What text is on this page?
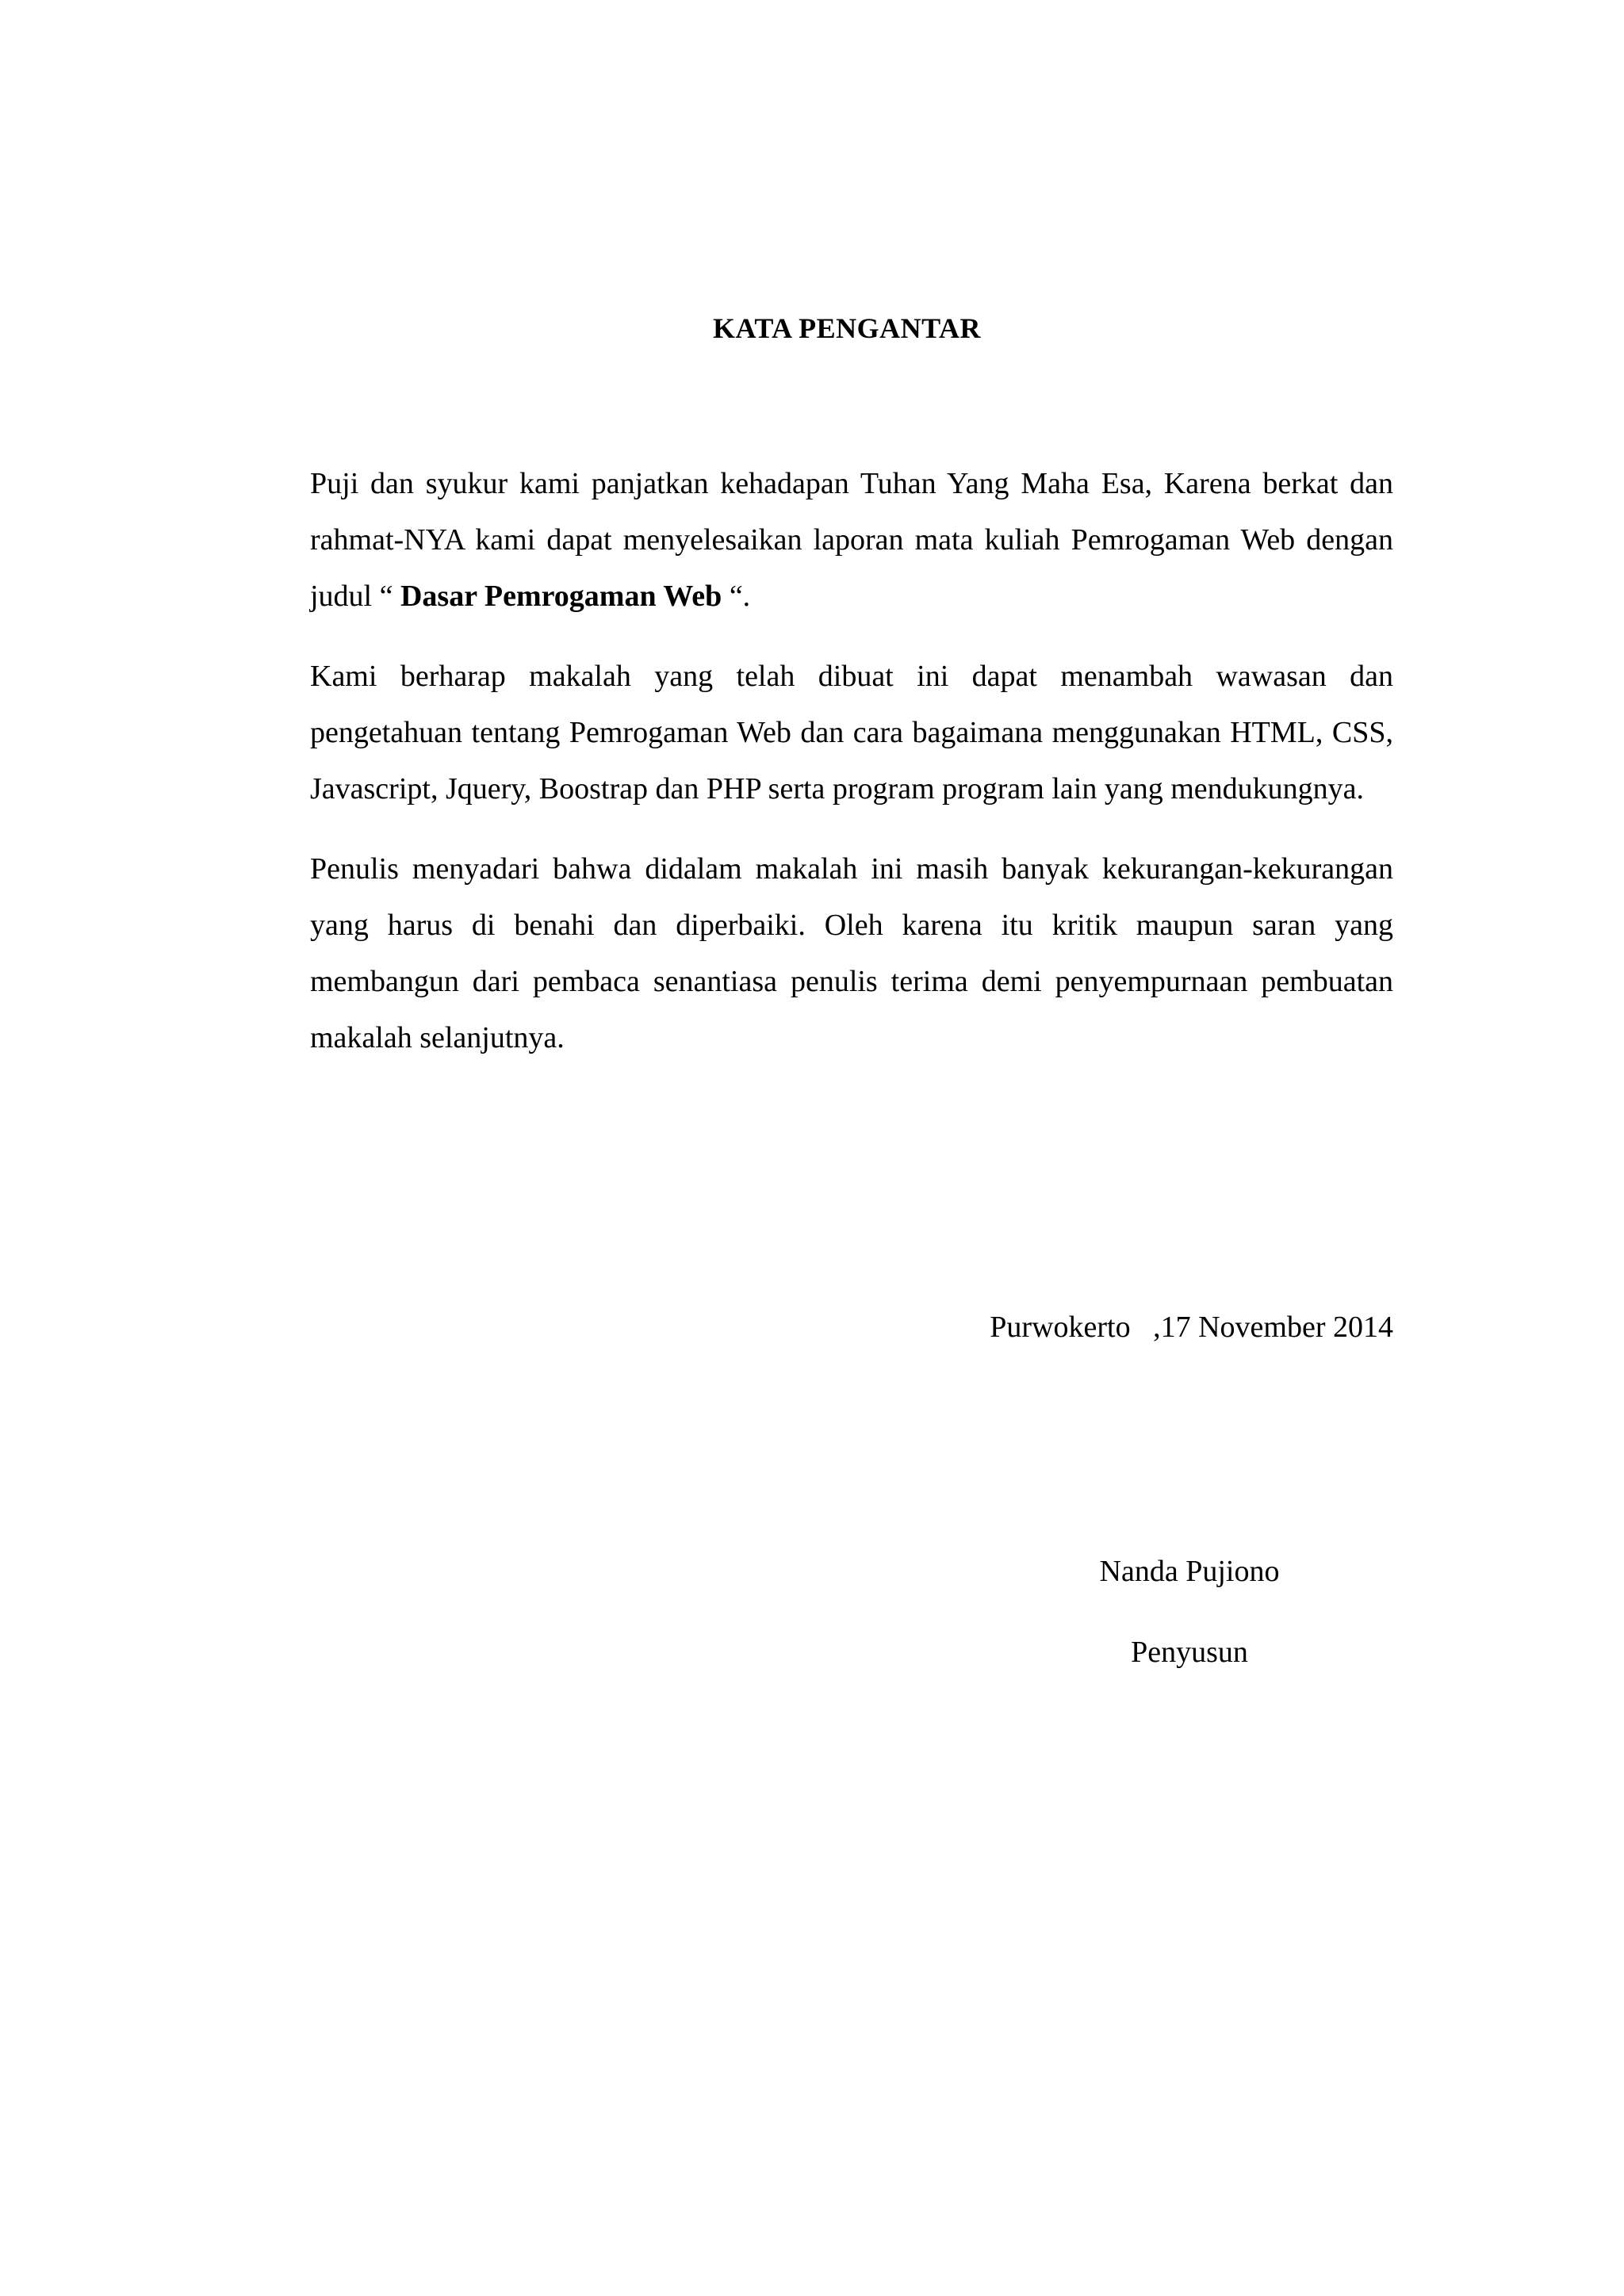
KATA PENGANTAR

Puji dan syukur kami panjatkan kehadapan Tuhan Yang Maha Esa, Karena berkat dan rahmat-NYA kami dapat menyelesaikan laporan mata kuliah Pemrogaman Web dengan judul “ Dasar Pemrogaman Web “.

Kami berharap makalah yang telah dibuat ini dapat menambah wawasan dan pengetahuan tentang Pemrogaman Web dan cara bagaimana menggunakan HTML, CSS, Javascript, Jquery, Boostrap dan PHP serta program program lain yang mendukungnya.

Penulis menyadari bahwa didalam makalah ini masih banyak kekurangan-kekurangan yang harus di benahi dan diperbaiki. Oleh karena itu kritik maupun saran yang membangun dari pembaca senantiasa penulis terima demi penyempurnaan pembuatan makalah selanjutnya.

Purwokerto   ,17 November 2014

Nanda Pujiono

Penyusun
